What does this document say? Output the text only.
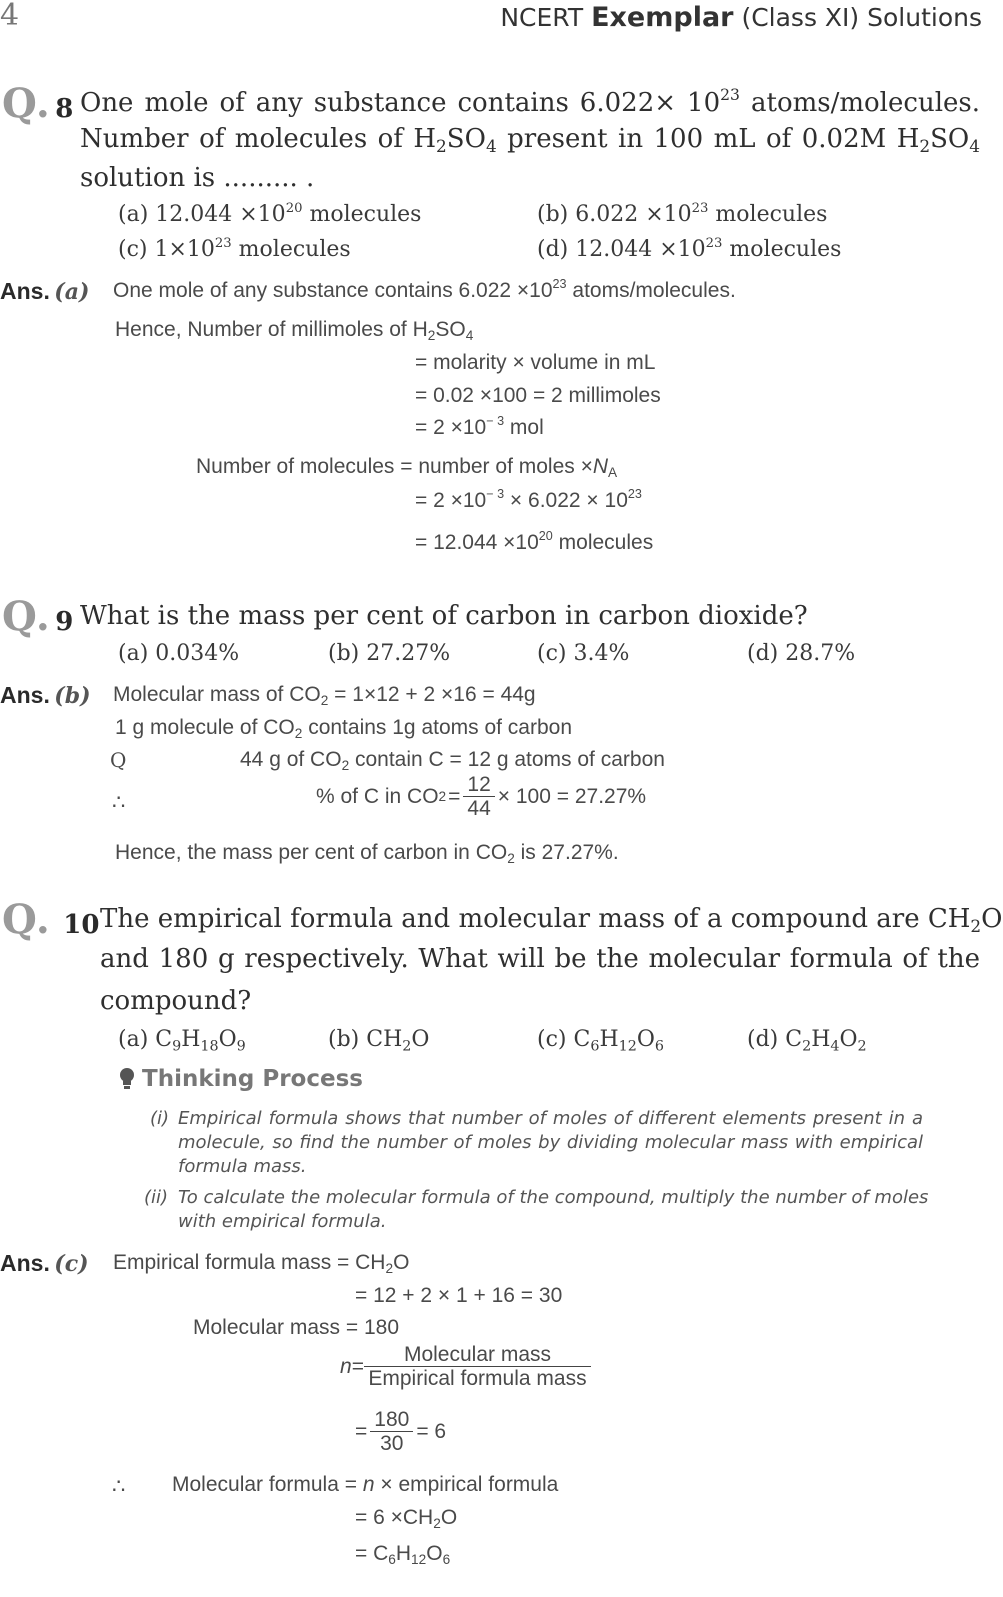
4	NCERT Exemplar (Class XI) Solutions
Q. 8 One mole of any substance contains $6.022\times 10^{23}$ atoms/molecules.
Number of molecules of $H_2SO_4$ present in 100 mL of 0.02M $H_2SO_4$
solution is ......... .
(a) $12.044 \times 10^{20}$ molecules	(b) $6.022 \times 10^{23}$ molecules
(c) $1\times 10^{23}$ molecules	(d) $12.044 \times 10^{23}$ molecules
Ans. (a) One mole of any substance contains $6.022 \times 10^{23}$ atoms/molecules.
Hence, Number of millimoles of $H_2SO_4$
= molarity × volume in mL
= 0.02 ×100 = 2 millimoles
= $2 \times 10^{- 3}$ mol
Number of molecules = number of moles $\times N_A$
= $2 \times 10^{- 3} \times 6.022 \times 10^{23}$
= $12.044 \times 10^{20}$ molecules
Q. 9 What is the mass per cent of carbon in carbon dioxide?
(a) 0.034%	(b) 27.27%	(c) 3.4%	(d) 28.7%
Ans. (b) Molecular mass of $CO_2 = 1\times 12 + 2 \times 16 = 44g$
1 g molecule of $CO_2$ contains 1g atoms of carbon
Q	44 g of $CO_2$ contain C = 12 g atoms of carbon
∴	% of C in CO $2 = \frac{12}{44} \times 100 = 27.27\%$
Hence, the mass per cent of carbon in $CO_2$ is 27.27%.
Q. 10 The empirical formula and molecular mass of a compound are $CH_2O$
and 180 g respectively. What will be the molecular formula of the
compound?
(a) $C_9H_{18}O_9$	(b) $CH_2O$	(c) $C_6H_{12}O_6$	(d) $C_2H_4O_2$
Thinking Process
(i) Empirical formula shows that number of moles of different elements present in a
molecule, so find the number of moles by dividing molecular mass with empirical
formula mass.
(ii) To calculate the molecular formula of the compound, multiply the number of moles
with empirical formula.
Ans. (c) Empirical formula mass = $CH_2O$
= 12 + 2 × 1 + 16 = 30
Molecular mass = 180
$n = \frac{\text{Molecular mass}}{\text{Empirical formula mass}}$
= $\frac{180}{30} = 6$
∴ Molecular formula = n × empirical formula
= $6 \times CH_2O$
= $C_6H_{12}O_6$
